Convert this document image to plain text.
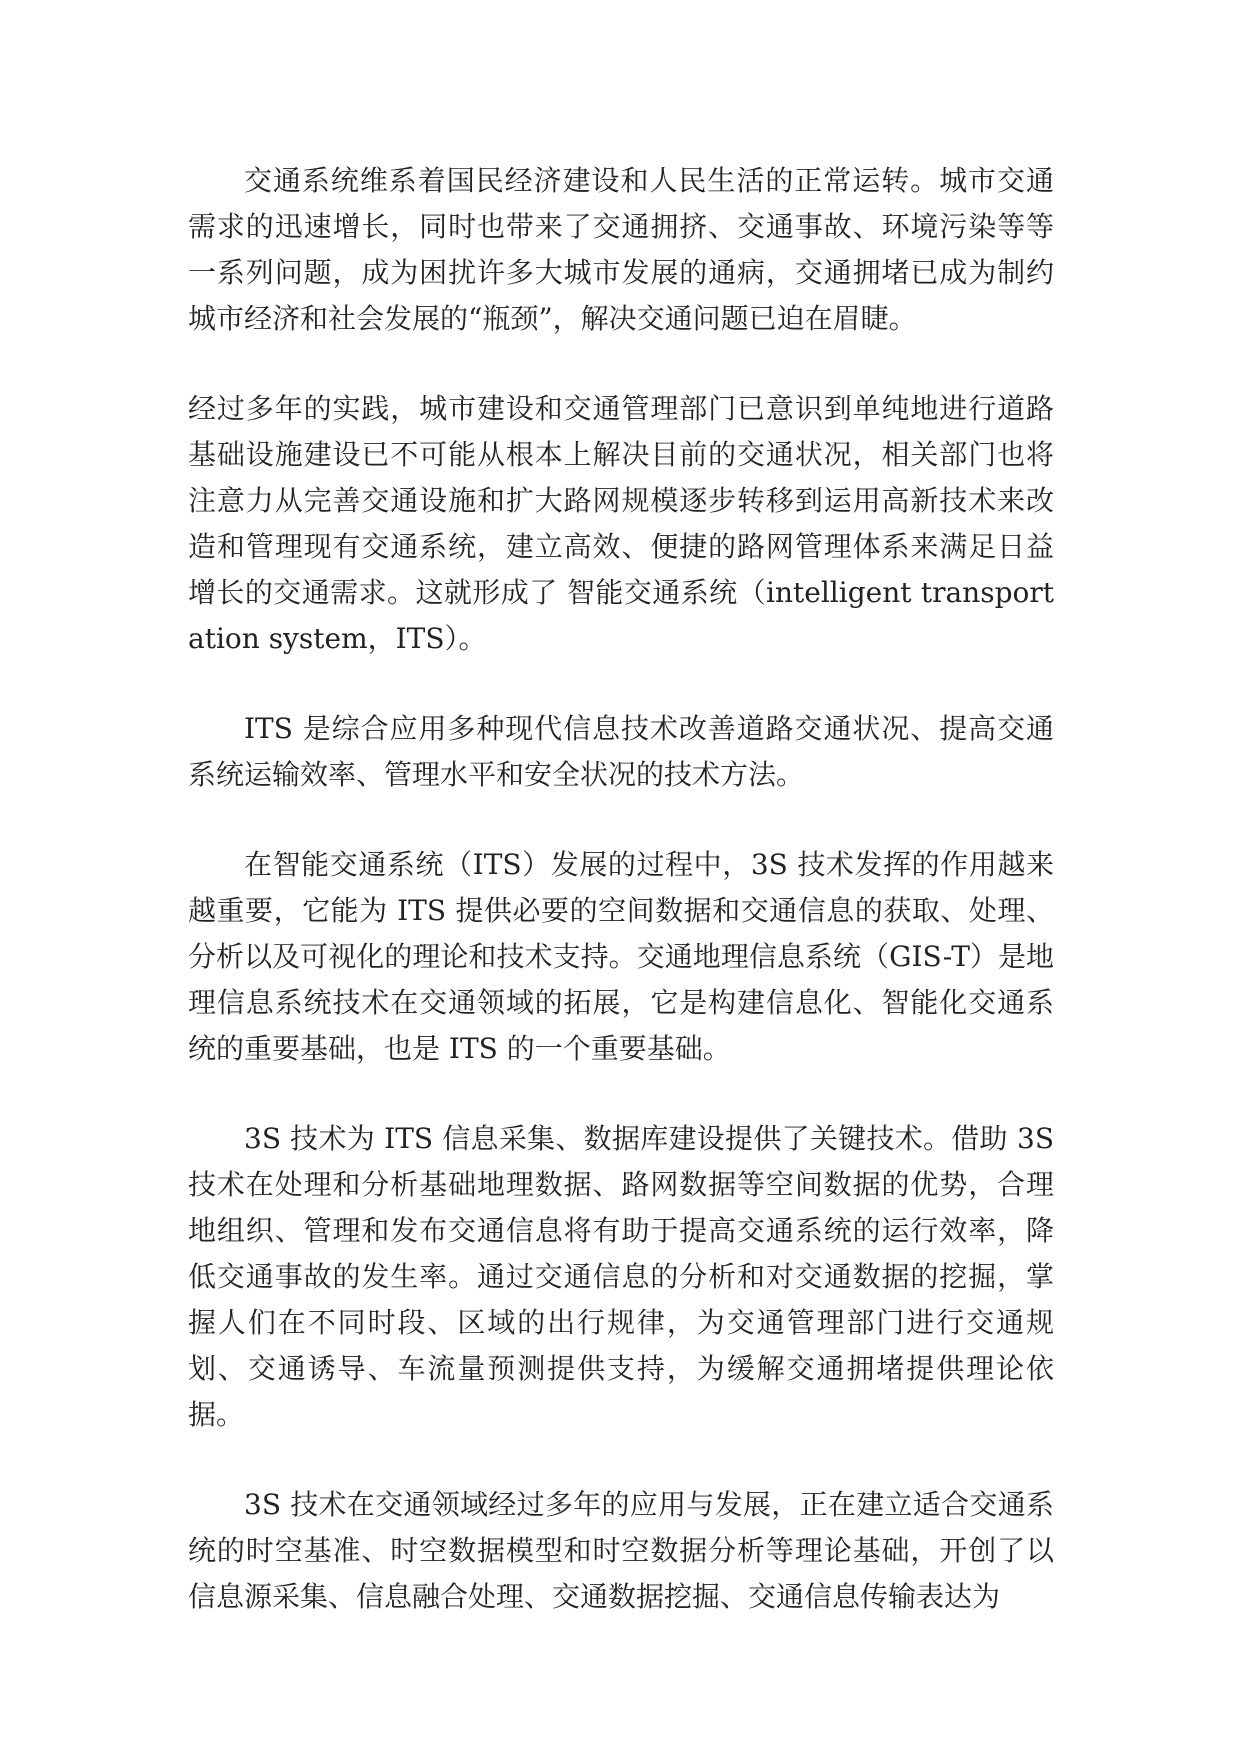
交通系统维系着国民经济建设和人民生活的正常运转。城市交通需求的迅速增长，同时也带来了交通拥挤、交通事故、环境污染等等一系列问题，成为困扰许多大城市发展的通病，交通拥堵已成为制约城市经济和社会发展的“瓶颈”，解决交通问题已迫在眉睫。

经过多年的实践，城市建设和交通管理部门已意识到单纯地进行道路基础设施建设已不可能从根本上解决目前的交通状况，相关部门也将注意力从完善交通设施和扩大路网规模逐步转移到运用高新技术来改造和管理现有交通系统，建立高效、便捷的路网管理体系来满足日益增长的交通需求。这就形成了 智能交通系统（intelligent transportation system，ITS）。

ITS 是综合应用多种现代信息技术改善道路交通状况、提高交通系统运输效率、管理水平和安全状况的技术方法。

在智能交通系统（ITS）发展的过程中，3S 技术发挥的作用越来越重要，它能为 ITS 提供必要的空间数据和交通信息的获取、处理、分析以及可视化的理论和技术支持。交通地理信息系统（GIS-T）是地理信息系统技术在交通领域的拓展，它是构建信息化、智能化交通系统的重要基础，也是 ITS 的一个重要基础。

3S 技术为 ITS 信息采集、数据库建设提供了关键技术。借助 3S 技术在处理和分析基础地理数据、路网数据等空间数据的优势，合理地组织、管理和发布交通信息将有助于提高交通系统的运行效率，降低交通事故的发生率。通过交通信息的分析和对交通数据的挖掘，掌握人们在不同时段、区域的出行规律，为交通管理部门进行交通规划、交通诱导、车流量预测提供支持，为缓解交通拥堵提供理论依据。

3S 技术在交通领域经过多年的应用与发展，正在建立适合交通系统的时空基准、时空数据模型和时空数据分析等理论基础，开创了以信息源采集、信息融合处理、交通数据挖掘、交通信息传输表达为
